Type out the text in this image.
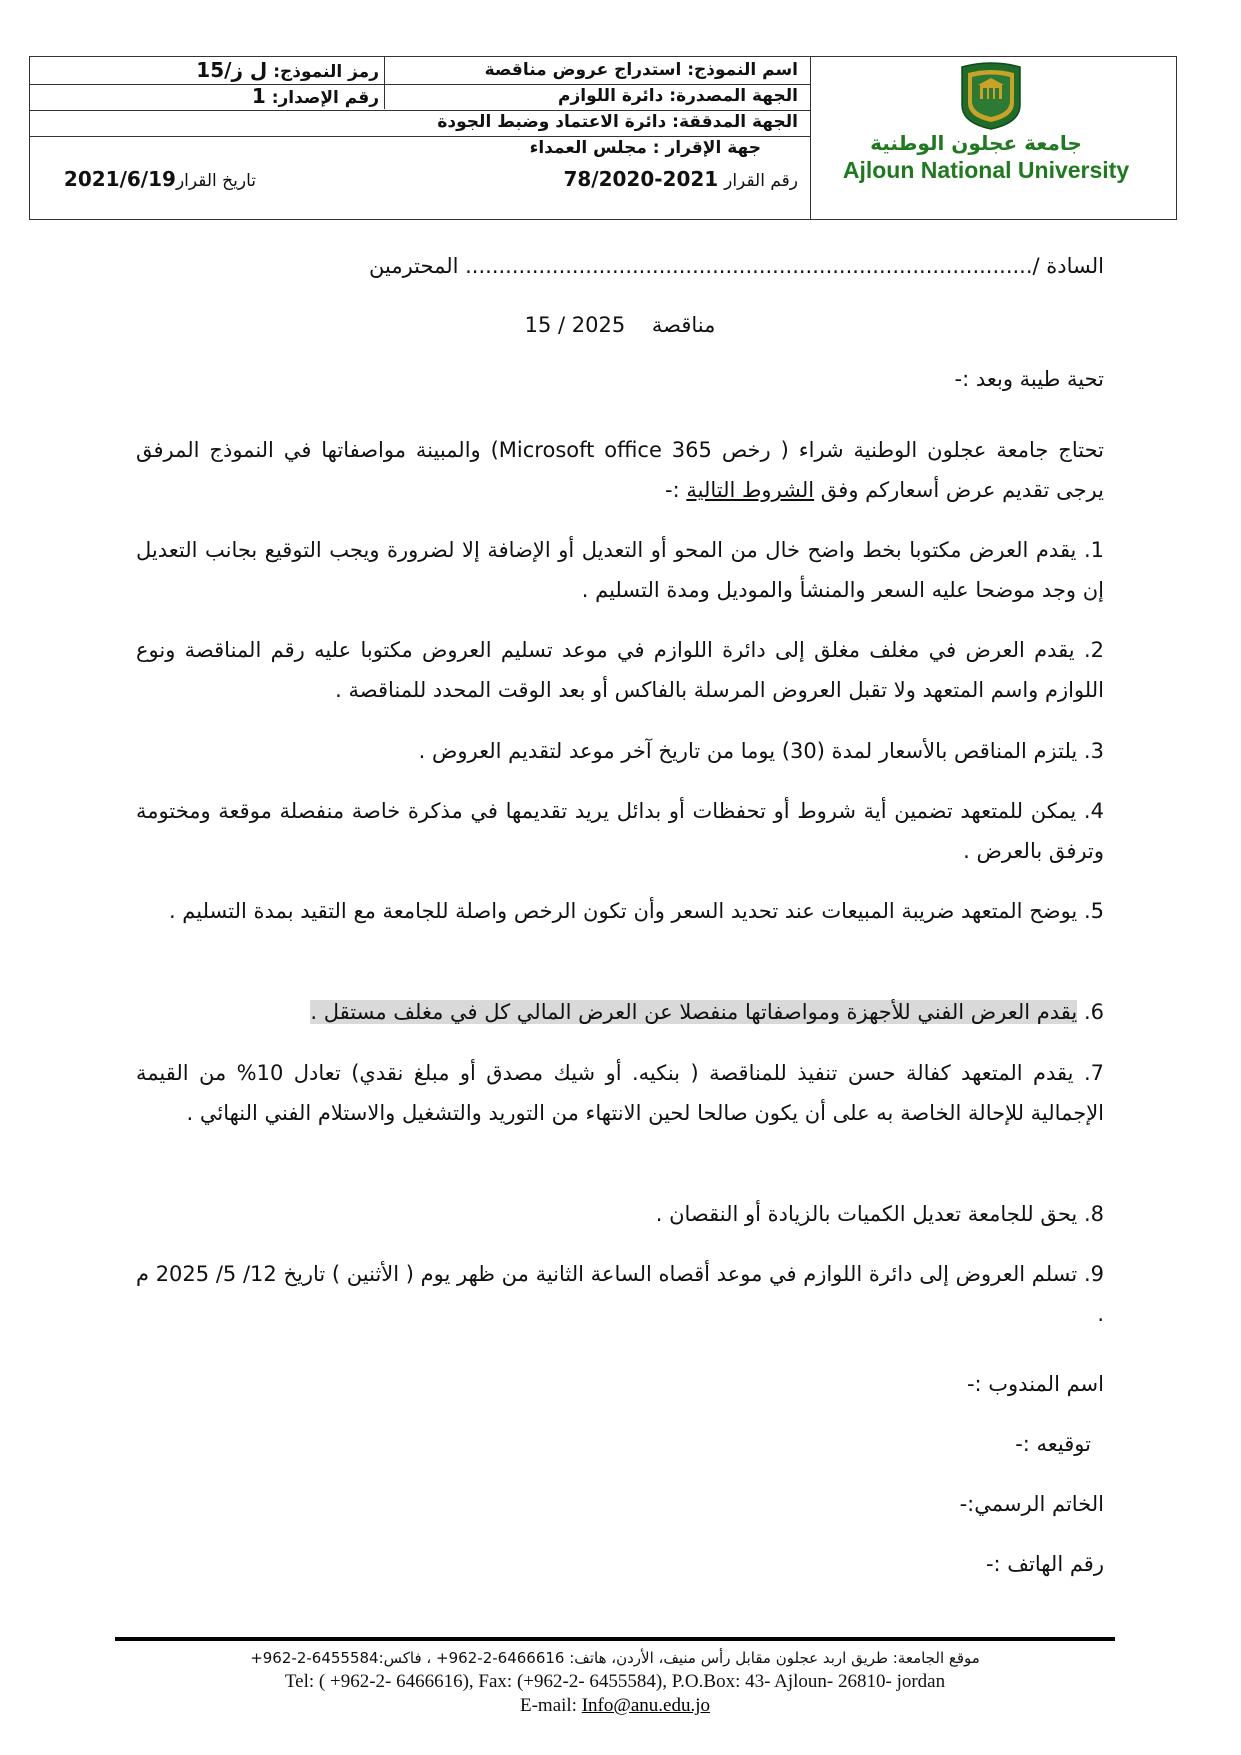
اسم النموذج: استدراج عروض مناقصة
رمز النموذج: ل ز/15
الجهة المصدرة: دائرة اللوازم
رقم الإصدار: 1
الجهة المدققة: دائرة الاعتماد وضبط الجودة
جهة الإقرار : مجلس العمداء
رقم القرار 78/2020-2021
تاريخ القرار2021/6/19
جامعة عجلون الوطنية
Ajloun National University
السادة /..................................................................................... المحترمين
مناقصة    15 / 2025
تحية طيبة وبعد :-
تحتاج جامعة عجلون الوطنية شراء ( رخص Microsoft office 365) والمبينة مواصفاتها في النموذج المرفق يرجى تقديم عرض أسعاركم وفق الشروط التالية :-
1. يقدم العرض مكتوبا بخط واضح خال من المحو أو التعديل أو الإضافة إلا لضرورة ويجب التوقيع بجانب التعديل إن وجد موضحا عليه السعر والمنشأ والموديل ومدة التسليم .
2. يقدم العرض في مغلف مغلق إلى دائرة اللوازم في موعد تسليم العروض مكتوبا عليه رقم المناقصة ونوع اللوازم واسم المتعهد ولا تقبل العروض المرسلة بالفاكس أو بعد الوقت المحدد للمناقصة .
3. يلتزم المناقص بالأسعار لمدة (30) يوما من تاريخ آخر موعد لتقديم العروض .
4. يمكن للمتعهد تضمين أية شروط أو تحفظات أو بدائل يريد تقديمها في مذكرة خاصة منفصلة موقعة ومختومة وترفق بالعرض .
5. يوضح المتعهد ضريبة المبيعات عند تحديد السعر وأن تكون الرخص واصلة للجامعة مع التقيد بمدة التسليم .
6. يقدم العرض الفني للأجهزة ومواصفاتها منفصلا عن العرض المالي كل في مغلف مستقل .
7. يقدم المتعهد كفالة حسن تنفيذ للمناقصة ( بنكيه. أو شيك مصدق أو مبلغ نقدي) تعادل 10% من القيمة الإجمالية للإحالة الخاصة به على أن يكون صالحا لحين الانتهاء من التوريد والتشغيل والاستلام الفني النهائي .
8. يحق للجامعة تعديل الكميات بالزيادة أو النقصان .
9. تسلم العروض إلى دائرة اللوازم في موعد أقصاه الساعة الثانية من ظهر يوم ( الأثنين ) تاريخ 12/ 5/ 2025 م .
اسم المندوب :-
توقيعه :-
الخاتم الرسمي:-
رقم الهاتف :-
موقع الجامعة: طريق اربد عجلون مقابل رأس منيف، الأردن، هاتف: 6466616-2-962+ ، فاكس:6455584-2-962+
Tel: ( +962-2- 6466616), Fax: (+962-2- 6455584), P.O.Box: 43- Ajloun- 26810- jordan
E-mail: Info@anu.edu.jo
